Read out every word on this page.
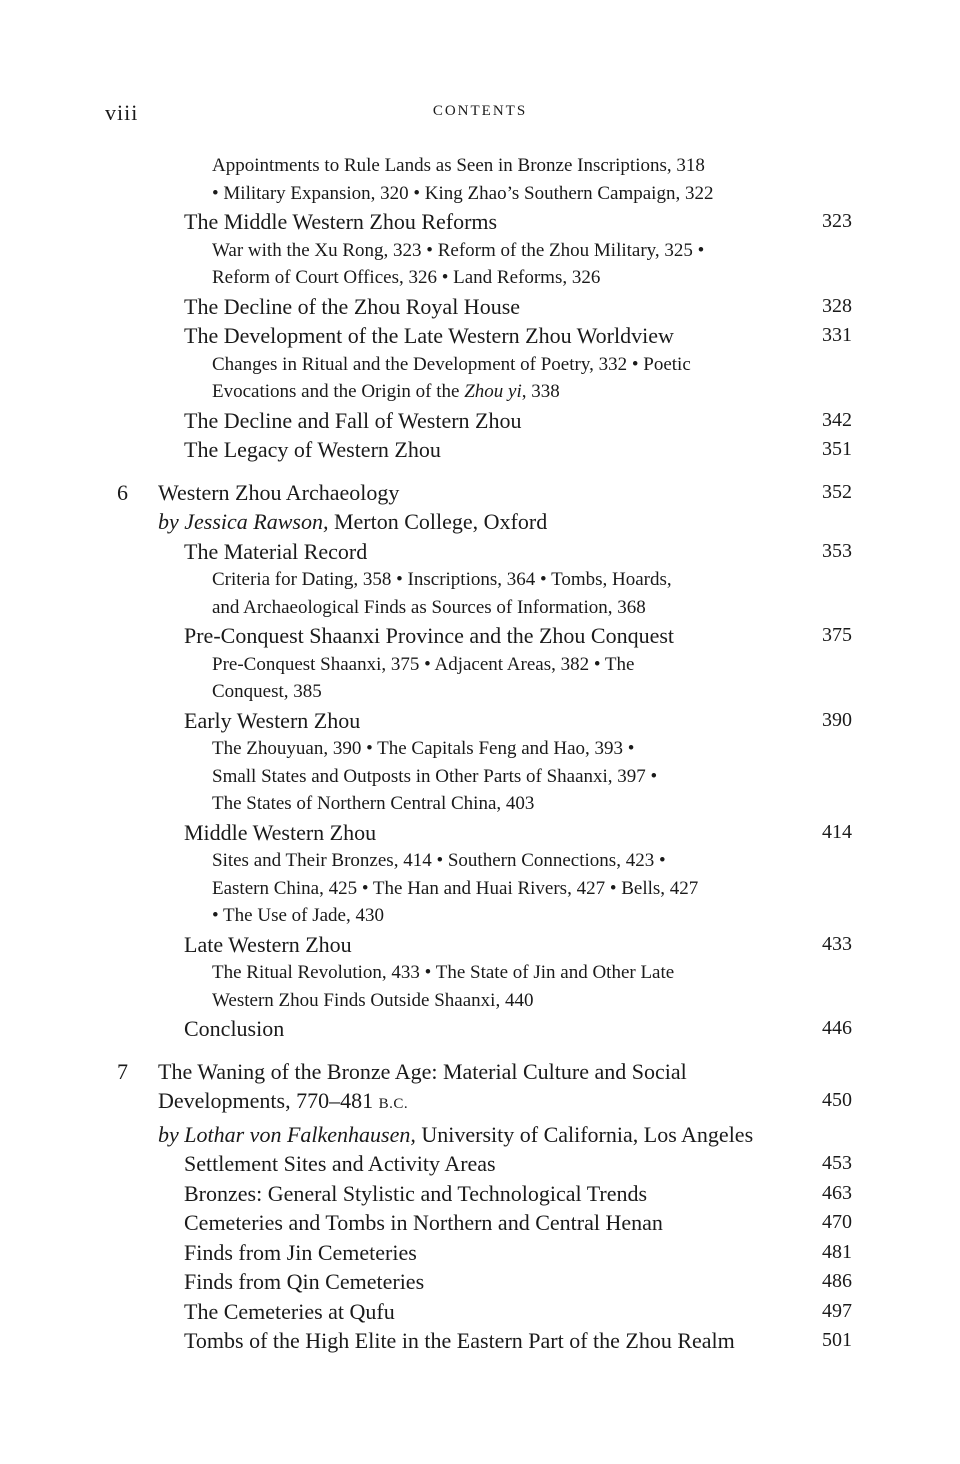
viii	CONTENTS
Appointments to Rule Lands as Seen in Bronze Inscriptions, 318
• Military Expansion, 320 • King Zhao’s Southern Campaign, 322
The Middle Western Zhou Reforms	323
War with the Xu Rong, 323 • Reform of the Zhou Military, 325 •
Reform of Court Offices, 326 • Land Reforms, 326
The Decline of the Zhou Royal House	328
The Development of the Late Western Zhou Worldview	331
Changes in Ritual and the Development of Poetry, 332 • Poetic
Evocations and the Origin of the Zhou yi, 338
The Decline and Fall of Western Zhou	342
The Legacy of Western Zhou	351
6 Western Zhou Archaeology	352
by Jessica Rawson, Merton College, Oxford
The Material Record	353
Criteria for Dating, 358 • Inscriptions, 364 • Tombs, Hoards,
and Archaeological Finds as Sources of Information, 368
Pre-Conquest Shaanxi Province and the Zhou Conquest	375
Pre-Conquest Shaanxi, 375 • Adjacent Areas, 382 • The
Conquest, 385
Early Western Zhou	390
The Zhouyuan, 390 • The Capitals Feng and Hao, 393 •
Small States and Outposts in Other Parts of Shaanxi, 397 •
The States of Northern Central China, 403
Middle Western Zhou	414
Sites and Their Bronzes, 414 • Southern Connections, 423 •
Eastern China, 425 • The Han and Huai Rivers, 427 • Bells, 427
• The Use of Jade, 430
Late Western Zhou	433
The Ritual Revolution, 433 • The State of Jin and Other Late
Western Zhou Finds Outside Shaanxi, 440
Conclusion	446
7 The Waning of the Bronze Age: Material Culture and Social
Developments, 770–481 B.C.	450
by Lothar von Falkenhausen, University of California, Los Angeles
Settlement Sites and Activity Areas	453
Bronzes: General Stylistic and Technological Trends	463
Cemeteries and Tombs in Northern and Central Henan	470
Finds from Jin Cemeteries	481
Finds from Qin Cemeteries	486
The Cemeteries at Qufu	497
Tombs of the High Elite in the Eastern Part of the Zhou Realm	501
